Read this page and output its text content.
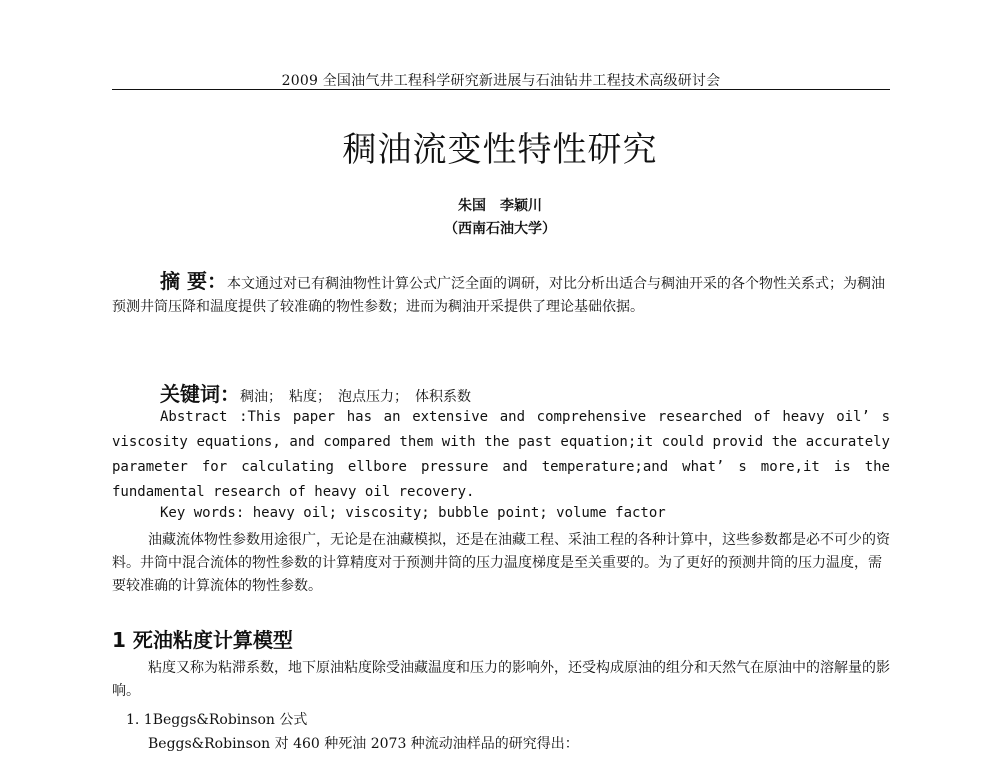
2009 全国油气井工程科学研究新进展与石油钻井工程技术高级研讨会
稠油流变性特性研究
朱国　李颖川
（西南石油大学）
摘 要：本文通过对已有稠油物性计算公式广泛全面的调研，对比分析出适合与稠油开采的各个物性关系式；为稠油预测井筒压降和温度提供了较准确的物性参数；进而为稠油开采提供了理论基础依据。
关键词：稠油；　粘度；　泡点压力；　体积系数
Abstract :This paper has an extensive and comprehensive researched of heavy oil’ s viscosity equations, and compared them with the past equation;it could provid the accurately parameter for calculating ellbore pressure and temperature;and what’ s more,it is the fundamental research of heavy oil recovery.
Key words: heavy oil; viscosity; bubble point; volume factor
油藏流体物性参数用途很广，无论是在油藏模拟，还是在油藏工程、采油工程的各种计算中，这些参数都是必不可少的资料。井筒中混合流体的物性参数的计算精度对于预测井筒的压力温度梯度是至关重要的。为了更好的预测井筒的压力温度，需要较准确的计算流体的物性参数。
1 死油粘度计算模型
粘度又称为粘滞系数，地下原油粘度除受油藏温度和压力的影响外，还受构成原油的组分和天然气在原油中的溶解量的影响。
1. 1Beggs&Robinson 公式
Beggs&Robinson 对 460 种死油 2073 种流动油样品的研究得出：
